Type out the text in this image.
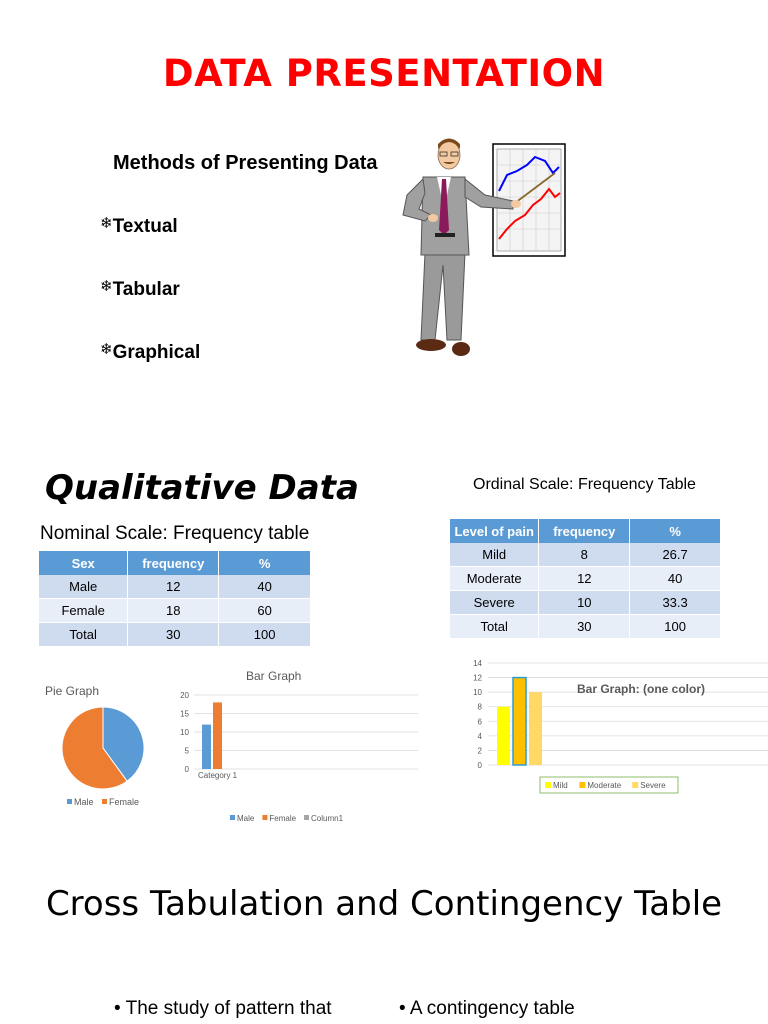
DATA PRESENTATION
Methods of Presenting Data
❄Textual
❄Tabular
❄Graphical
Qualitative Data
Nominal Scale: Frequency table
Ordinal Scale: Frequency Table
Sex	frequency	%
Male	12	40
Female	18	60
Total	30	100
Level of pain	frequency	%
Mild	8	26.7
Moderate	12	40
Severe	10	33.3
Total	30	100
Pie Graph
Male Female
Bar Graph
0
5
10
15
20
Category 1
Male Female Column1
0
2
4
6
8
10
12
14
Bar Graph: (one color)
Mild Moderate Severe
Cross Tabulation and Contingency Table
• The study of pattern that	• A contingency table
